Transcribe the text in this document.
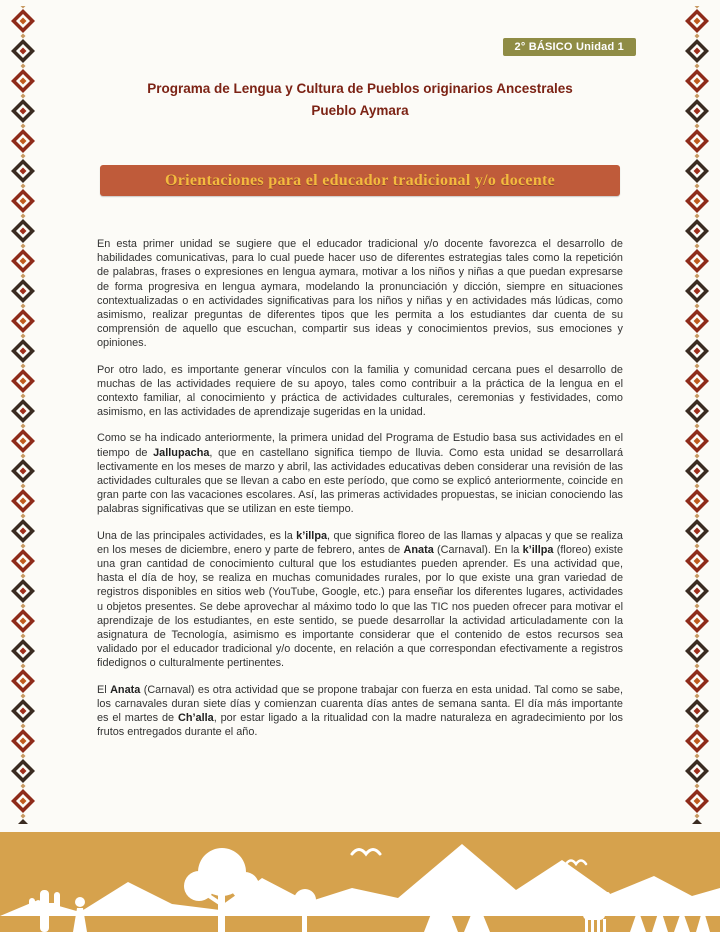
2° BÁSICO Unidad 1
Programa de Lengua y Cultura de Pueblos originarios Ancestrales
Pueblo Aymara
Orientaciones para el educador tradicional y/o docente

En esta primer unidad se sugiere que el educador tradicional y/o docente favorezca el desarrollo de habilidades comunicativas, para lo cual puede hacer uso de diferentes estrategias tales como la repetición de palabras, frases o expresiones en lengua aymara, motivar a los niños y niñas a que puedan expresarse de forma progresiva en lengua aymara, modelando la pronunciación y dicción, siempre en situaciones contextualizadas o en actividades significativas para los niños y niñas y en actividades más lúdicas, como asimismo, realizar preguntas de diferentes tipos que les permita a los estudiantes dar cuenta de su comprensión de aquello que escuchan, compartir sus ideas y conocimientos previos, sus emociones y opiniones.

Por otro lado, es importante generar vínculos con la familia y comunidad cercana pues el desarrollo de muchas de las actividades requiere de su apoyo, tales como contribuir a la práctica de la lengua en el contexto familiar, al conocimiento y práctica de actividades culturales, ceremonias y festividades, como asimismo, en las actividades de aprendizaje sugeridas en la unidad.

Como se ha indicado anteriormente, la primera unidad del Programa de Estudio basa sus actividades en el tiempo de Jallupacha, que en castellano significa tiempo de lluvia. Como esta unidad se desarrollará lectivamente en los meses de marzo y abril, las actividades educativas deben considerar una revisión de las actividades culturales que se llevan a cabo en este período, que como se explicó anteriormente, coincide en gran parte con las vacaciones escolares. Así, las primeras actividades propuestas, se inician conociendo las palabras significativas que se utilizan en este tiempo.

Una de las principales actividades, es la k’illpa, que significa floreo de las llamas y alpacas y que se realiza en los meses de diciembre, enero y parte de febrero, antes de Anata (Carnaval). En la k’illpa (floreo) existe una gran cantidad de conocimiento cultural que los estudiantes pueden aprender. Es una actividad que, hasta el día de hoy, se realiza en muchas comunidades rurales, por lo que existe una gran variedad de registros disponibles en sitios web (YouTube, Google, etc.) para enseñar los diferentes lugares, actividades u objetos presentes. Se debe aprovechar al máximo todo lo que las TIC nos pueden ofrecer para motivar el aprendizaje de los estudiantes, en este sentido, se puede desarrollar la actividad articuladamente con la asignatura de Tecnología, asimismo es importante considerar que el contenido de estos recursos sea validado por el educador tradicional y/o docente, en relación a que correspondan efectivamente a registros fidedignos o culturalmente pertinentes.

El Anata (Carnaval) es otra actividad que se propone trabajar con fuerza en esta unidad. Tal como se sabe, los carnavales duran siete días y comienzan cuarenta días antes de semana santa. El día más importante es el martes de Ch’alla, por estar ligado a la ritualidad con la madre naturaleza en agradecimiento por los frutos entregados durante el año.
